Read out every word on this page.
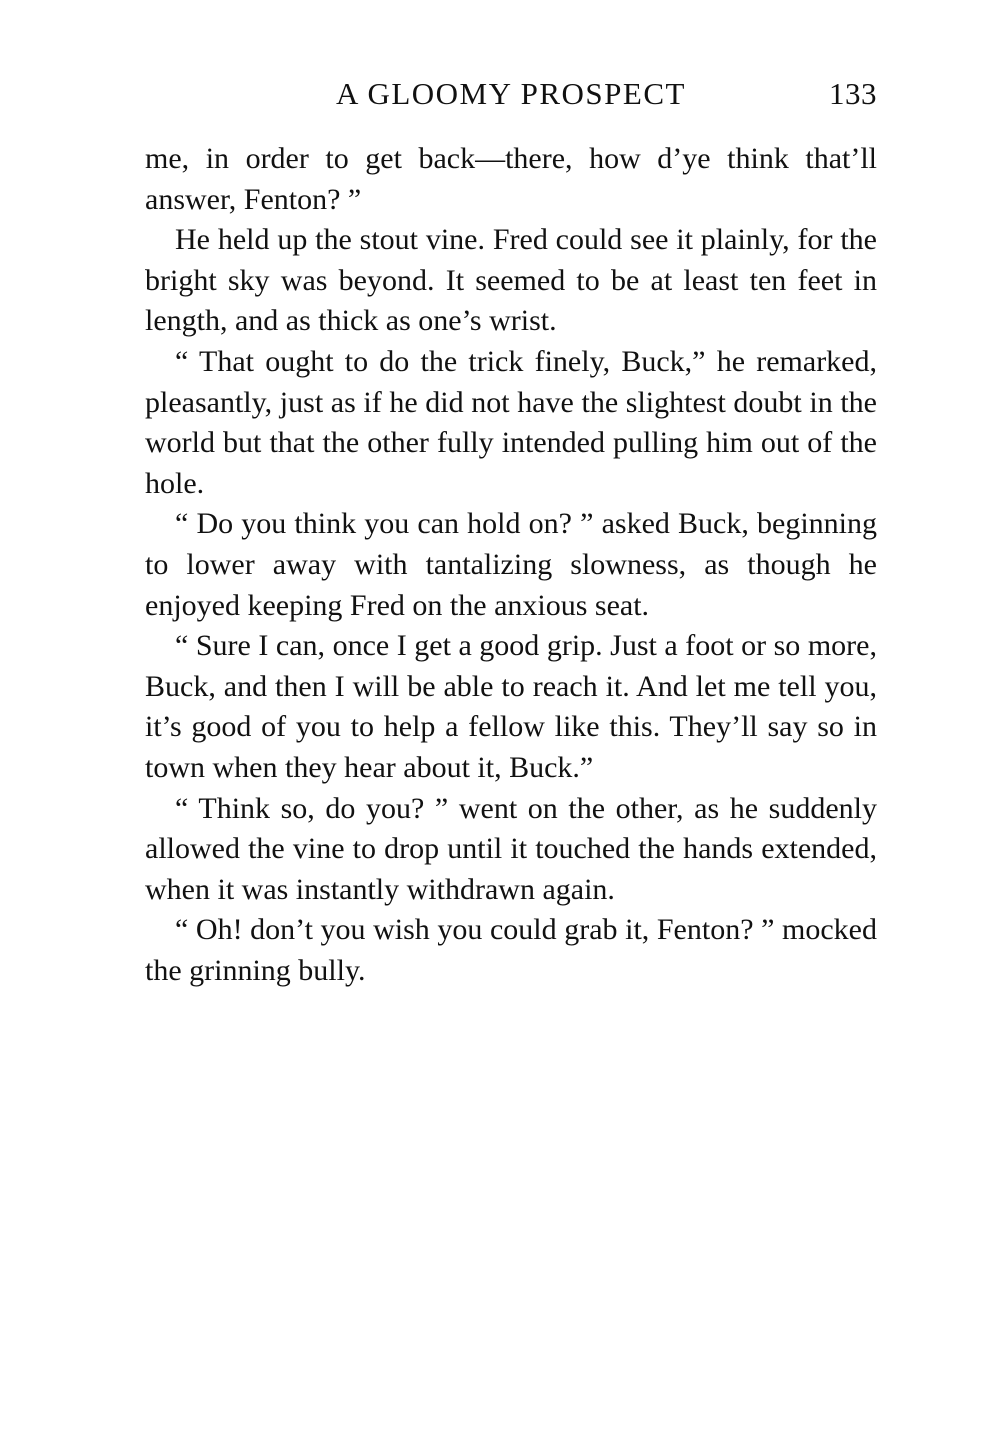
A GLOOMY PROSPECT	133

me, in order to get back—there, how d’ye think that’ll answer, Fenton? ”

He held up the stout vine. Fred could see it plainly, for the bright sky was beyond. It seemed to be at least ten feet in length, and as thick as one’s wrist.

“ That ought to do the trick finely, Buck,” he remarked, pleasantly, just as if he did not have the slightest doubt in the world but that the other fully intended pulling him out of the hole.

“ Do you think you can hold on? ” asked Buck, beginning to lower away with tantalizing slowness, as though he enjoyed keeping Fred on the anxious seat.

“ Sure I can, once I get a good grip. Just a foot or so more, Buck, and then I will be able to reach it. And let me tell you, it’s good of you to help a fellow like this. They’ll say so in town when they hear about it, Buck.”

“ Think so, do you? ” went on the other, as he suddenly allowed the vine to drop until it touched the hands extended, when it was instantly withdrawn again.

“ Oh! don’t you wish you could grab it, Fenton? ” mocked the grinning bully.
